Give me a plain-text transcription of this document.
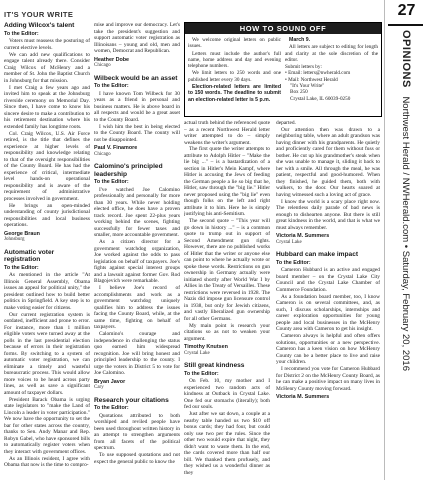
IT'S YOUR WRITE
Adding Wilcox's talent
To the Editor:

Voters must reassess the posturing of current elective levels.

We can add new qualifications to engage talent already there. Consider Craig Wilcox of McHenry and a member of St. John the Baptist Church in Johnsburg for that mission.

I met Craig a few years ago and invited him to speak at the Johnsburg riverside ceremony on Memorial Day. Since then, I have come to know his sincere desire to make a contribution to his retirement destination where his extended family has longtime roots.

Col. Craig Wilcox, U.S. Air Force retired, is the title that defines the experience at higher levels of responsibility and knowledge relating to that of the oversight responsibilities of the County Board. He has had the experience of critical, intermediate level hands-on operational responsibility and is aware of the requirement of administrative processes involved in government.

He brings an open-minded understanding of county jurisdictional responsibilities and local business operations.

George Braun
Johnsburg
Automatic voter registration
To the Editor:

As mentioned in the article "At Illinois General Assembly, Obama issues an appeal for political unity," the president outlined how to build better politics in Springfield. A key step is to make voting easier for citizens.

Our current registration system is outdated, inefficient and prone to error. For instance, more than 1 million eligible voters were turned away at the polls in the last presidential election because of errors in their registration forms. By switching to a system of automatic voter registration, we can eliminate a timely and wasteful bureaucratic process. This would allow more voices to be heard across party lines, as well as save a significant amount of taxpayer dollars.

President Barack Obama is urging state legislators to "make the Land of Lincoln a leader in voter participation." We now have the opportunity to set the bar for other states across the country, thanks to Sen. Andy Manar and Rep. Robyn Gabel, who have sponsored bills to automatically register voters when they interact with government offices.

As an Illinois resident, I agree with Obama that now is the time to compro-

mise and improve our democracy. Let's take the president's suggestion and support automatic voter registration as Illinoisans – young and old, men and women, Democrat and Republican.

Heather Dobe
Chicago
Wilbeck would be an asset
To the Editor:

I have known Tom Wilbeck for 30 years as a friend in personal and business matters. He is above board in all respects and would be a great asset to the County Board.

I wish him the best in being elected to the County Board. The county will not be disappointed.

Paul V. Finamore
Chicago
Calomino's principled leadership
To the Editor:

I've watched Joe Calomino professionally and personally for more than 30 years. While never holding elected office, he does have a proven track record. Joe spent 22-plus years working behind the scenes, fighting successfully for fewer taxes and smaller, more accountable government.

As a citizen director for a government watchdog organization, Joe worked against the odds to pass legislation on behalf of taxpayers. Joe's fights against special interest groups and a lawsuit against former Gov. Rod Blagojevich were remarkable.

I believe Joe's record of accomplishments and work as a government watchdog uniquely qualifies him to address the issues facing the County Board, while, at the same time, fighting on behalf of taxpayers.

Calomino's courage and independence in challenging the status quo earned him widespread recognition. Joe will bring honest and principled leadership to the county. I urge the voters in District 5 to vote for Joe Calomino.

Bryan Javor
Cary
Research your citations
To the Editor:

Quotations attributed to both worshiped and reviled people have been used throughout written history in an attempt to strengthen arguments from all facets of the political spectrum.

To use supposed quotations and not expect the general public to know the

HOW TO SOUND OFF

We welcome original letters on public issues.

Letters must include the author's full name, home address and day and evening telephone numbers.

We limit letters to 250 words and one published letter every 30 days.

Election-related letters are limited to 150 words. The deadline to submit an election-related letter is 5 p.m.

March 9.

All letters are subject to editing for length and clarity at the sole discretion of the editor.

Submit letters by:
• Email: letters@nwherald.com
• Mail: Northwest Herald
"It's Your Write"
Box 250
Crystal Lake, IL 60039-0250

actual truth behind the referenced quote – as a recent Northwest Herald letter writer attempted to do – simply weakens the writer's argument.

The first quote the writer attempts to attribute to Adolph Hitler – "Make the lie big ..." – is a bastardization of a section in Hitler's Mein Kampf, where Hitler is accusing the Jews of feeding the German people a lie so big that he, Hitler, saw through the "big lie." Hitler never proposed using the "big lie" even though folks on the left and right attribute it to him. Here he is simply justifying his anti-Semitism.

The second quote – "This year will go down in history ..." – is a common quote to trump out in support of Second Amendment gun rights. However, there are no published works of Hitler that the writer or anyone else can point to where he actually wrote or spoke these words. Restrictions on gun ownership in Germany actually were initiated shortly after World War I by Allies in the Treaty of Versailles. These restrictions were reversed in 1928. The Nazis did impose gun licensure control in 1938, but only for Jewish citizens, and vastly liberalized gun ownership for all other Germans.

My main point is research your citations so as not to weaken your argument.

Timothy Knutsen
Crystal Lake
Still great kindness
To the Editor:

On Feb. 10, my mother and I experienced two random acts of kindness at Outback in Crystal Lake. One fed our stomachs (literally); both fed our souls.

Just after we sat down, a couple at a nearby table handed us two $10 off bonus cards; they had four, but could only use two per the rules. Since the other two would expire that night, they didn't want to waste them. In the end, the cards covered more than half our bill. We thanked them profusely, and they wished us a wonderful dinner as they

departed.

Our attention then was drawn to a neighboring table, where an adult grandson was having dinner with his grandparents. He quietly and proficiently cared for them without fuss or bother. He cut up his grandmother's steak when she was unable to manage it, sliding it back to her with a smile. All through the meal, he was patient, respectful and good-humored. When they finished, he guided them, both with walkers, to the door. Our hearts soared at having witnessed such a loving act of grace.

I know the world is a scary place right now. The relentless daily parade of bad news is enough to dishearten anyone. But there is still great kindness in the world, and that is what we must always remember.

Victoria M. Summers
Crystal Lake
Hubbard can make impact
To the Editor:

Cameron Hubbard is an active and engaged board member – on the Crystal Lake City Council and the Crystal Lake Chamber of Commerce Foundation.

As a foundation board member, too, I know Cameron is on several committees, and, as such, I discuss scholarships, internships and career exploration opportunities for young people and local businesses in the McHenry County area with Cameron to get his insight.

Cameron always is helpful and often offers solutions, opportunities or a new perspective. Cameron has a keen vision on how McHenry County can be a better place to live and raise your children.

I recommend you vote for Cameron Hubbard for District 2 on the McHenry County Board, as he can make a positive impact on many lives in McHenry County moving forward.

Victoria M. Summers
27
OPINIONS Northwest Herald / NWHerald.com • Saturday, February 20, 2016
